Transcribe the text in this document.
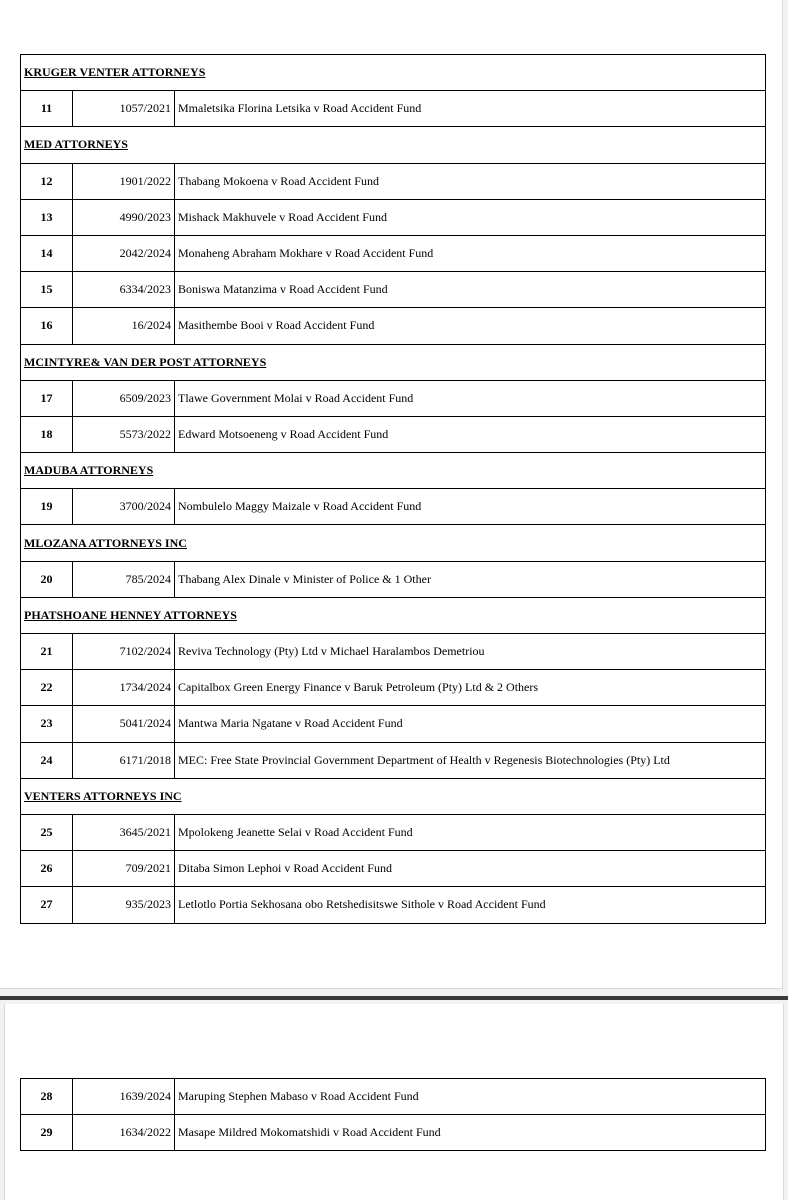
KRUGER VENTER ATTORNEYS		
11	1057/2021	Mmaletsika Florina Letsika v Road Accident Fund
MED ATTORNEYS		
12	1901/2022	Thabang Mokoena v Road Accident Fund
13	4990/2023	Mishack Makhuvele v Road Accident Fund
14	2042/2024	Monaheng Abraham Mokhare v Road Accident Fund
15	6334/2023	Boniswa Matanzima v Road Accident Fund
16	16/2024	Masithembe Booi v Road Accident Fund
MCINTYRE& VAN DER POST ATTORNEYS		
17	6509/2023	Tlawe Government Molai v Road Accident Fund
18	5573/2022	Edward Motsoeneng v Road Accident Fund
MADUBA ATTORNEYS		
19	3700/2024	Nombulelo Maggy Maizale v Road Accident Fund
MLOZANA ATTORNEYS INC		
20	785/2024	Thabang Alex Dinale v Minister of Police & 1 Other
PHATSHOANE HENNEY ATTORNEYS		
21	7102/2024	Reviva Technology (Pty) Ltd v Michael Haralambos Demetriou
22	1734/2024	Capitalbox Green Energy Finance v Baruk Petroleum (Pty) Ltd & 2 Others
23	5041/2024	Mantwa Maria Ngatane v Road Accident Fund
24	6171/2018	MEC: Free State Provincial Government Department of Health v Regenesis Biotechnologies (Pty) Ltd
VENTERS ATTORNEYS INC		
25	3645/2021	Mpolokeng Jeanette Selai v Road Accident Fund
26	709/2021	Ditaba Simon Lephoi v Road Accident Fund
27	935/2023	Letlotlo Portia Sekhosana obo Retshedisitswe Sithole v Road Accident Fund
28	1639/2024	Maruping Stephen Mabaso v Road Accident Fund
29	1634/2022	Masape Mildred Mokomatshidi v Road Accident Fund
